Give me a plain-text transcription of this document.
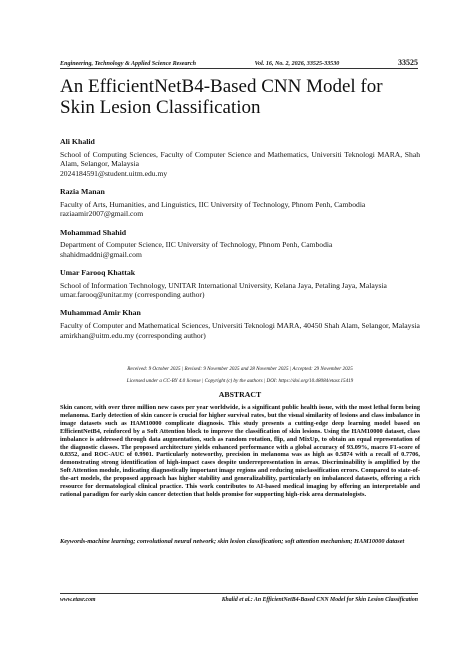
Engineering, Technology & Applied Science Research	Vol. 16, No. 2, 2026, 33525-33530	33525
An EfficientNetB4-Based CNN Model for Skin Lesion Classification
Ali Khalid
School of Computing Sciences, Faculty of Computer Science and Mathematics, Universiti Teknologi MARA, Shah Alam, Selangor, Malaysia
2024184591@student.uitm.edu.my
Razia Manan
Faculty of Arts, Humanities, and Linguistics, IIC University of Technology, Phnom Penh, Cambodia
raziaamir2007@gmail.com
Mohammad Shahid
Department of Computer Science, IIC University of Technology, Phnom Penh, Cambodia
shahidmaddni@gmail.com
Umar Farooq Khattak
School of Information Technology, UNITAR International University, Kelana Jaya, Petaling Jaya, Malaysia
umar.farooq@unitar.my (corresponding author)
Muhammad Amir Khan
Faculty of Computer and Mathematical Sciences, Universiti Teknologi MARA, 40450 Shah Alam, Selangor, Malaysia
amirkhan@uitm.edu.my (corresponding author)
Received: 9 October 2025 | Revised: 9 November 2025 and 28 November 2025 | Accepted: 29 November 2025
Licensed under a CC-BY 4.0 license | Copyright (c) by the authors | DOI: https://doi.org/10.48084/etasr.15419
ABSTRACT
Skin cancer, with over three million new cases per year worldwide, is a significant public health issue, with the most lethal form being melanoma. Early detection of skin cancer is crucial for higher survival rates, but the visual similarity of lesions and class imbalance in image datasets such as HAM10000 complicate diagnosis. This study presents a cutting-edge deep learning model based on EfficientNetB4, reinforced by a Soft Attention block to improve the classification of skin lesions. Using the HAM10000 dataset, class imbalance is addressed through data augmentation, such as random rotation, flip, and MixUp, to obtain an equal representation of the diagnostic classes. The proposed architecture yields enhanced performance with a global accuracy of 93.09%, macro F1-score of 0.8352, and ROC-AUC of 0.9901. Particularly noteworthy, precision in melanoma was as high as 0.5874 with a recall of 0.7706, demonstrating strong identification of high-impact cases despite underrepresentation in areas. Discriminability is amplified by the Soft Attention module, indicating diagnostically important image regions and reducing misclassification errors. Compared to state-of-the-art models, the proposed approach has higher stability and generalizability, particularly on imbalanced datasets, offering a rich resource for dermatological clinical practice. This work contributes to AI-based medical imaging by offering an interpretable and rational paradigm for early skin cancer detection that holds promise for supporting high-risk area dermatologists.
Keywords-machine learning; convolutional neural network; skin lesion classification; soft attention mechanism; HAM10000 dataset
www.etasr.com	Khalid et al.: An EfficientNetB4-Based CNN Model for Skin Lesion Classification
